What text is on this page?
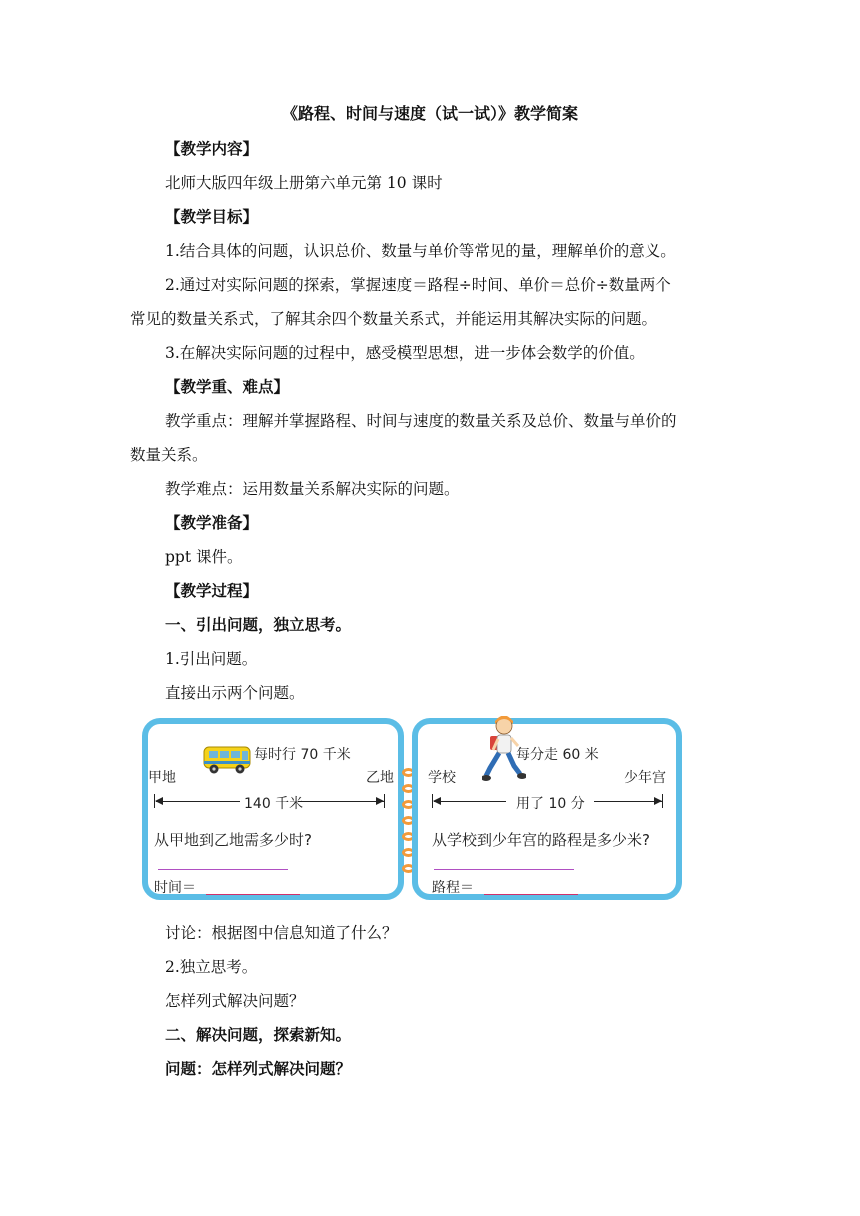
《路程、时间与速度（试一试）》教学简案
【教学内容】
北师大版四年级上册第六单元第 10 课时
【教学目标】
1.结合具体的问题，认识总价、数量与单价等常见的量，理解单价的意义。
2.通过对实际问题的探索，掌握速度＝路程÷时间、单价＝总价÷数量两个
常见的数量关系式，了解其余四个数量关系式，并能运用其解决实际的问题。
3.在解决实际问题的过程中，感受模型思想，进一步体会数学的价值。
【教学重、难点】
教学重点：理解并掌握路程、时间与速度的数量关系及总价、数量与单价的
数量关系。
教学难点：运用数量关系解决实际的问题。
【教学准备】
ppt 课件。
【教学过程】
一、引出问题，独立思考。
1.引出问题。
直接出示两个问题。
每时行 70 千米
甲地	乙地
140 千米
从甲地到乙地需多少时?
时间＝
每分走 60 米
学校	少年宫
用了 10 分
从学校到少年宫的路程是多少米?
路程＝
讨论：根据图中信息知道了什么？
2.独立思考。
怎样列式解决问题？
二、解决问题，探索新知。
问题：怎样列式解决问题？
